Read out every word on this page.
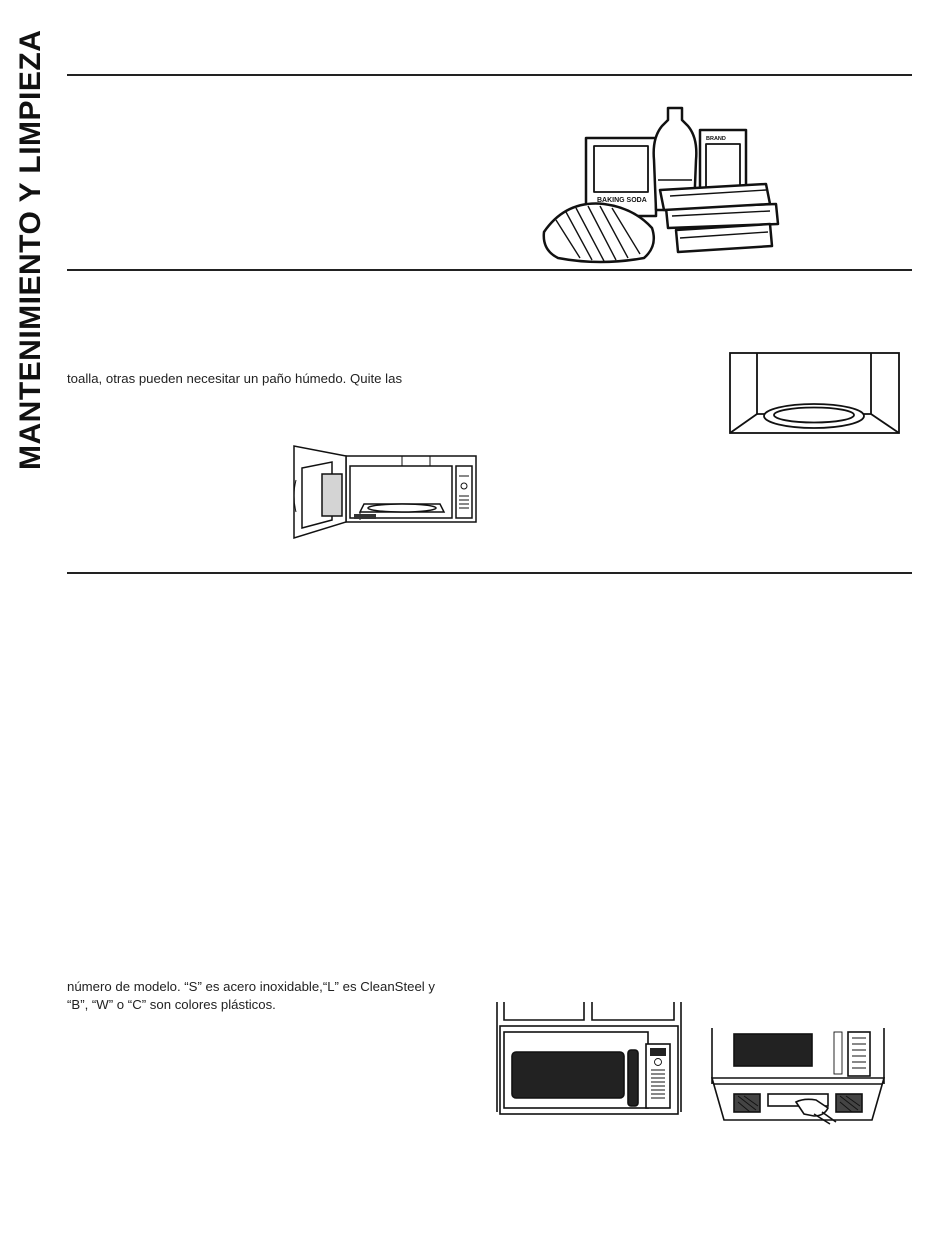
MANTENIMIENTO Y LIMPIEZA	BAKING SODA
BRAND
toalla, otras pueden necesitar un paño húmedo. Quite las
número de modelo. “S” es acero inoxidable,“L” es CleanSteel y
“B”, “W” o “C” son colores plásticos.
